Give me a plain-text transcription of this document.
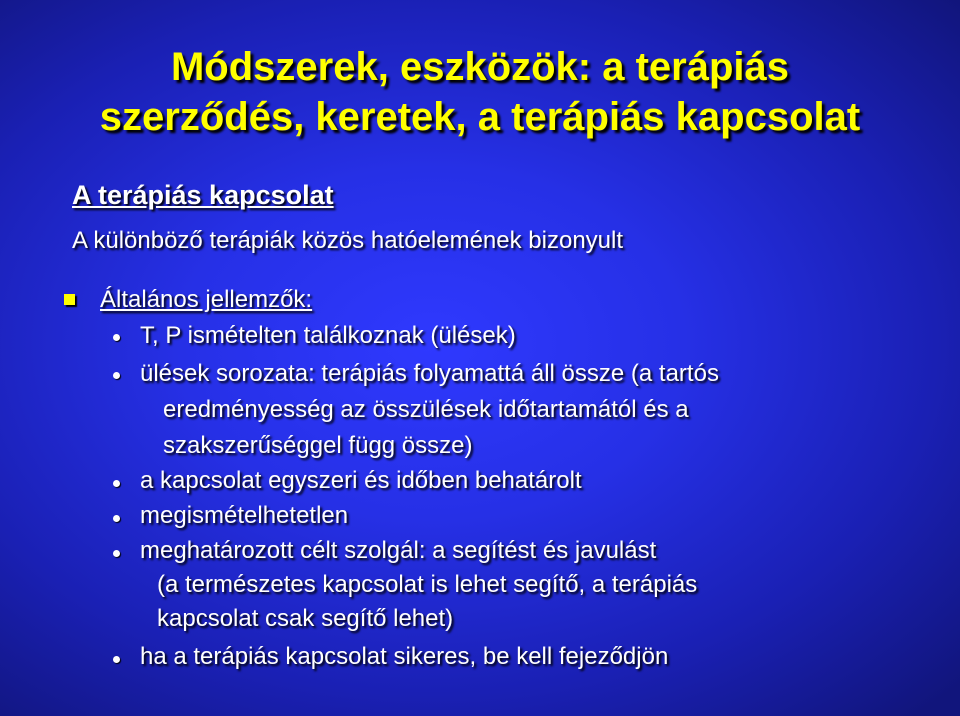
Módszerek, eszközök: a terápiás
szerződés, keretek, a terápiás kapcsolat
A terápiás kapcsolat
A különböző terápiák közös hatóelemének bizonyult
Általános jellemzők:
T, P ismételten találkoznak (ülések)
ülések sorozata: terápiás folyamattá áll össze (a tartós
eredményesség az összülések időtartamától és a
szakszerűséggel függ össze)
a kapcsolat egyszeri és időben behatárolt
megismételhetetlen
meghatározott célt szolgál: a segítést és javulást
(a természetes kapcsolat is lehet segítő, a terápiás
kapcsolat csak segítő lehet)
ha a terápiás kapcsolat sikeres, be kell fejeződjön
